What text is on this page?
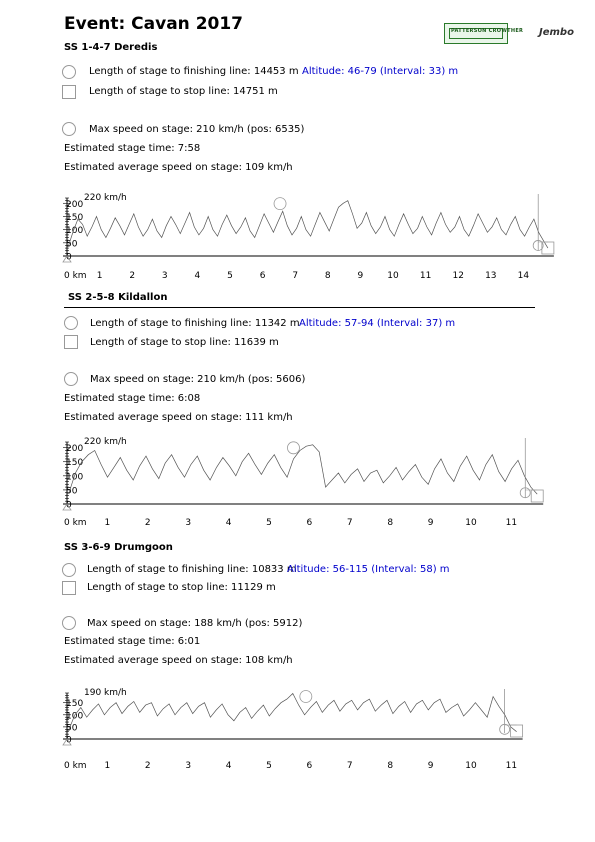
Event: Cavan 2017	PATTERSON CROWTHER Jembo
SS 1-4-7 Deredis
Length of stage to finishing line: 14453 m Altitude: 46-79 (Interval: 33) m
Length of stage to stop line: 14751 m
Max speed on stage: 210 km/h (pos: 6535)
Estimated stage time: 7:58
Estimated average speed on stage: 109 km/h
0
50
100
150
200
220 km/h
0 km 1	2	3	4	5	6	7	8	9	10 11 12 13 14
SS 2-5-8 Kildallon
Length of stage to finishing line: 11342 m Altitude: 57-94 (Interval: 37) m
Length of stage to stop line: 11639 m
Max speed on stage: 210 km/h (pos: 5606)
Estimated stage time: 6:08
Estimated average speed on stage: 111 km/h
0
50
100
150
200
220 km/h
0 km 1	2	3	4	5	6	7	8	9	10	11
SS 3-6-9 Drumgoon
Length of stage to finishing line: 10833 m
Altitude: 56-115 (Interval: 58) m
Length of stage to stop line: 11129 m
Max speed on stage: 188 km/h (pos: 5912)
Estimated stage time: 6:01
Estimated average speed on stage: 108 km/h
0
50
100
150
190 km/h
0 km 1	2	3	4	5	6	7	8	9	10	11
